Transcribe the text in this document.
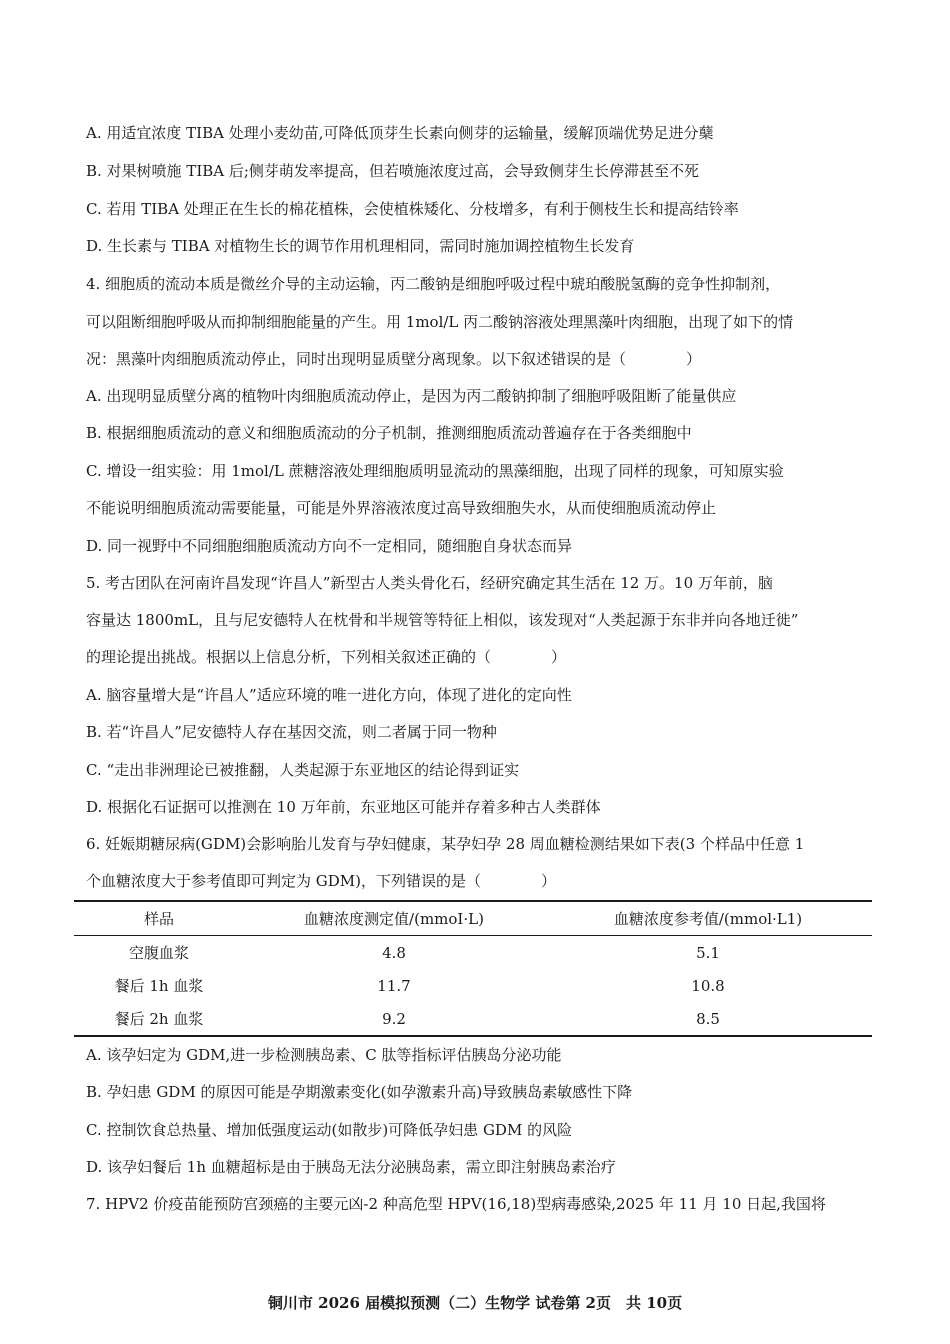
A. 用适宜浓度 TIBA 处理小麦幼苗,可降低顶芽生长素向侧芽的运输量，缓解顶端优势足进分蘖
B. 对果树喷施 TIBA 后;侧芽萌发率提高，但若喷施浓度过高，会导致侧芽生长停滞甚至不死
C. 若用 TIBA 处理正在生长的棉花植株，会使植株矮化、分枝增多，有利于侧枝生长和提高结铃率
D. 生长素与 TIBA 对植物生长的调节作用机理相同，需同时施加调控植物生长发育
4. 细胞质的流动本质是微丝介导的主动运输，丙二酸钠是细胞呼吸过程中琥珀酸脱氢酶的竞争性抑制剂，
可以阻断细胞呼吸从而抑制细胞能量的产生。用 1mol/L 丙二酸钠溶液处理黑藻叶肉细胞，出现了如下的情
况：黑藻叶肉细胞质流动停止，同时出现明显质壁分离现象。以下叙述错误的是（　　　　）
A. 出现明显质壁分离的植物叶肉细胞质流动停止，是因为丙二酸钠抑制了细胞呼吸阻断了能量供应
B. 根据细胞质流动的意义和细胞质流动的分子机制，推测细胞质流动普遍存在于各类细胞中
C. 增设一组实验：用 1mol/L 蔗糖溶液处理细胞质明显流动的黑藻细胞，出现了同样的现象，可知原实验
不能说明细胞质流动需要能量，可能是外界溶液浓度过高导致细胞失水，从而使细胞质流动停止
D. 同一视野中不同细胞细胞质流动方向不一定相同，随细胞自身状态而异
5. 考古团队在河南许昌发现“许昌人”新型古人类头骨化石，经研究确定其生活在 12 万。10 万年前，脑
容量达 1800mL，且与尼安德特人在枕骨和半规管等特征上相似，该发现对“人类起源于东非并向各地迁徙”
的理论提出挑战。根据以上信息分析，下列相关叙述正确的（　　　　）
A. 脑容量增大是“许昌人”适应环境的唯一进化方向，体现了进化的定向性
B. 若“许昌人”尼安德特人存在基因交流，则二者属于同一物种
C. “走出非洲理论已被推翻，人类起源于东亚地区的结论得到证实
D. 根据化石证据可以推测在 10 万年前，东亚地区可能并存着多种古人类群体
6. 妊娠期糖尿病(GDM)会影响胎儿发育与孕妇健康，某孕妇孕 28 周血糖检测结果如下表(3 个样品中任意 1
个血糖浓度大于参考值即可判定为 GDM)，下列错误的是（　　　　）
样品	血糖浓度测定值/(mmoI·L)	血糖浓度参考值/(mmol·L1)
空腹血浆	4.8	5.1
餐后 1h 血浆	11.7	10.8
餐后 2h 血浆	9.2	8.5
A. 该孕妇定为 GDM,进一步检测胰岛素、C 肽等指标评估胰岛分泌功能
B. 孕妇患 GDM 的原因可能是孕期激素变化(如孕激素升高)导致胰岛素敏感性下降
C. 控制饮食总热量、增加低强度运动(如散步)可降低孕妇患 GDM 的风险
D. 该孕妇餐后 1h 血糖超标是由于胰岛无法分泌胰岛素，需立即注射胰岛素治疗
7. HPV2 价疫苗能预防宫颈癌的主要元凶-2 种高危型 HPV(16,18)型病毒感染,2025 年 11 月 10 日起,我国将
铜川市 2026 届模拟预测（二）生物学 试卷第 2页　共 10页
